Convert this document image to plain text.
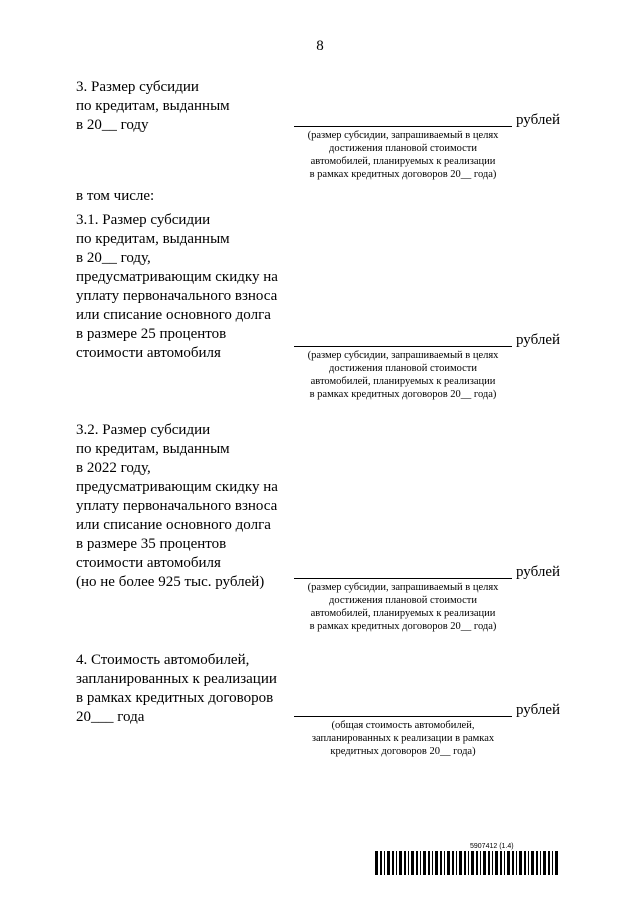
8
3. Размер субсидии
по кредитам, выданным
в 20__ году	рублей
(размер субсидии, запрашиваемый в целях
достижения плановой стоимости
автомобилей, планируемых к реализации
в рамках кредитных договоров 20__ года)
в том числе:
3.1. Размер субсидии
по кредитам, выданным
в 20__ году,
предусматривающим скидку на
уплату первоначального взноса
или списание основного долга
в размере 25 процентов
стоимости автомобиля
рублей
(размер субсидии, запрашиваемый в целях
достижения плановой стоимости
автомобилей, планируемых к реализации
в рамках кредитных договоров 20__ года)
3.2. Размер субсидии
по кредитам, выданным
в 2022 году,
предусматривающим скидку на
уплату первоначального взноса
или списание основного долга
в размере 35 процентов
стоимости автомобиля
(но не более 925 тыс. рублей)
рублей
(размер субсидии, запрашиваемый в целях
достижения плановой стоимости
автомобилей, планируемых к реализации
в рамках кредитных договоров 20__ года)
4. Стоимость автомобилей,
запланированных к реализации
в рамках кредитных договоров
20___ года	рублей
(общая стоимость автомобилей,
запланированных к реализации в рамках
кредитных договоров 20__ года)
5907412 (1.4)
